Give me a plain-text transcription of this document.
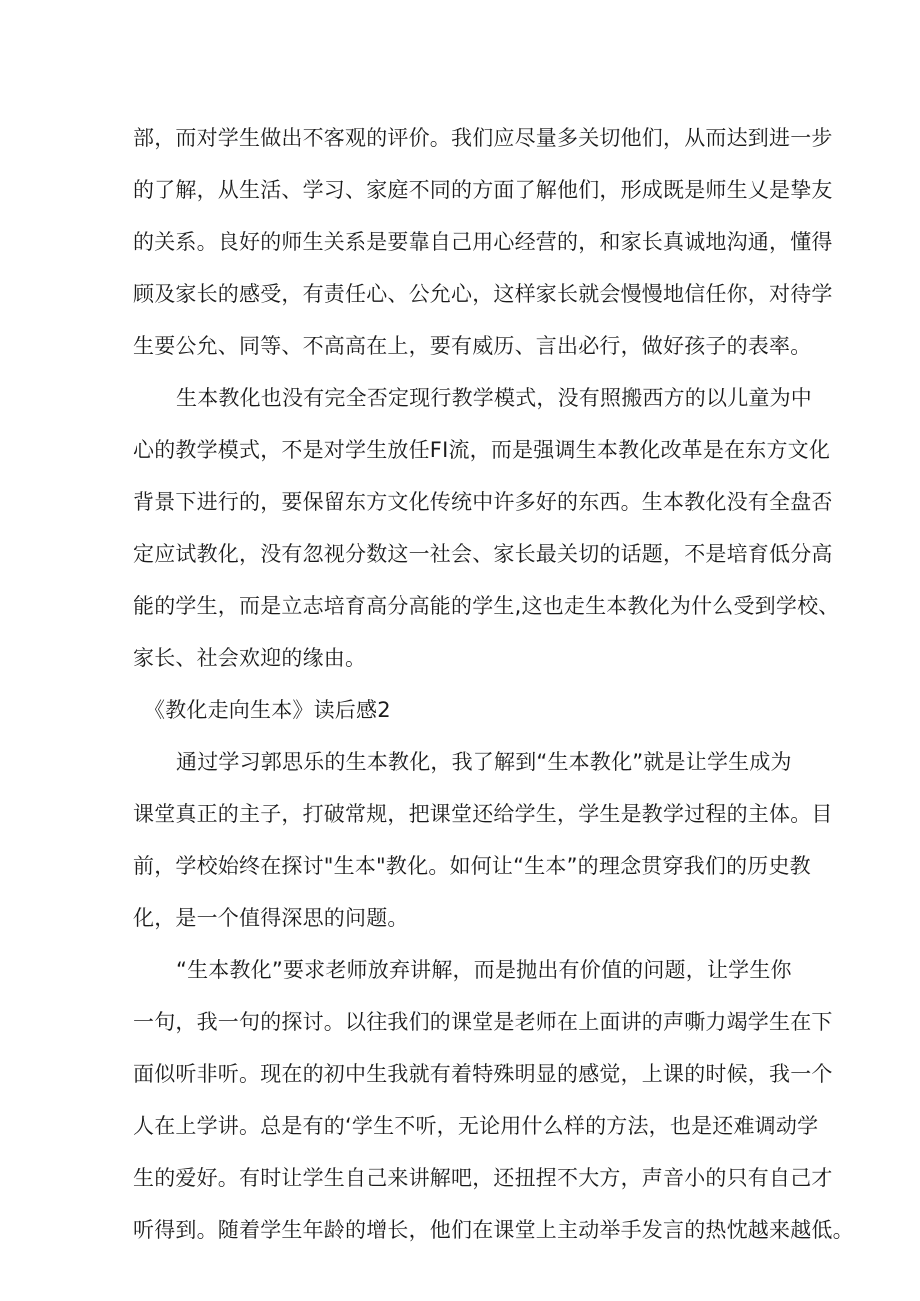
部，而对学生做出不客观的评价。我们应尽量多关切他们，从而达到进一步
的了解，从生活、学习、家庭不同的方面了解他们，形成既是师生乂是挚友
的关系。良好的师生关系是要靠自己用心经营的，和家长真诚地沟通，懂得
顾及家长的感受，有责任心、公允心，这样家长就会慢慢地信任你，对待学
生要公允、同等、不高高在上，要有威历、言出必行，做好孩子的表率。
生本教化也没有完全否定现行教学模式，没有照搬西方的以儿童为中
心的教学模式，不是对学生放任FI流，而是强调生本教化改革是在东方文化
背景下进行的，要保留东方文化传统中许多好的东西。生本教化没有全盘否
定应试教化，没有忽视分数这一社会、家长最关切的话题，不是培育低分高
能的学生，而是立志培育高分高能的学生,这也走生本教化为什么受到学校、
家长、社会欢迎的缘由。
《教化走向生本》读后感2
通过学习郭思乐的生本教化，我了解到“生本教化”就是让学生成为
课堂真正的主子，打破常规，把课堂还给学生，学生是教学过程的主体。目
前，学校始终在探讨"生本"教化。如何让“生本”的理念贯穿我们的历史教
化，是一个值得深思的问题。
“生本教化”要求老师放弃讲解，而是抛出有价值的问题，让学生你
一句，我一句的探讨。以往我们的课堂是老师在上面讲的声嘶力竭学生在下
面似听非听。现在的初中生我就有着特殊明显的感觉，上课的时候，我一个
人在上学讲。总是有的‘学生不听，无论用什么样的方法，也是还难调动学
生的爱好。有时让学生自己来讲解吧，还扭捏不大方，声音小的只有自己才
听得到。随着学生年龄的增长，他们在课堂上主动举手发言的热忱越来越低。
